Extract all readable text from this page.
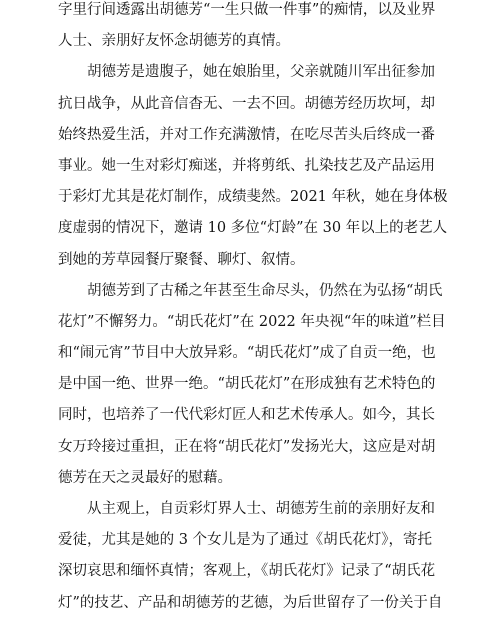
字里行间透露出胡德芳“一生只做一件事”的痴情，以及业界
人士、亲朋好友怀念胡德芳的真情。
胡德芳是遗腹子，她在娘胎里，父亲就随川军出征参加
抗日战争，从此音信杳无、一去不回。胡德芳经历坎坷，却
始终热爱生活，并对工作充满激情，在吃尽苦头后终成一番
事业。她一生对彩灯痴迷，并将剪纸、扎染技艺及产品运用
于彩灯尤其是花灯制作，成绩斐然。2021 年秋，她在身体极
度虚弱的情况下，邀请 10 多位“灯龄”在 30 年以上的老艺人
到她的芳草园餐厅聚餐、聊灯、叙情。
胡德芳到了古稀之年甚至生命尽头，仍然在为弘扬“胡氏
花灯”不懈努力。“胡氏花灯”在 2022 年央视“年的味道”栏目
和“闹元宵”节目中大放异彩。“胡氏花灯”成了自贡一绝，也
是中国一绝、世界一绝。“胡氏花灯”在形成独有艺术特色的
同时，也培养了一代代彩灯匠人和艺术传承人。如今，其长
女万玲接过重担，正在将“胡氏花灯”发扬光大，这应是对胡
德芳在天之灵最好的慰藉。
从主观上，自贡彩灯界人士、胡德芳生前的亲朋好友和
爱徒，尤其是她的 3 个女儿是为了通过《胡氏花灯》，寄托
深切哀思和缅怀真情；客观上，《胡氏花灯》记录了“胡氏花
灯”的技艺、产品和胡德芳的艺德，为后世留存了一份关于自
